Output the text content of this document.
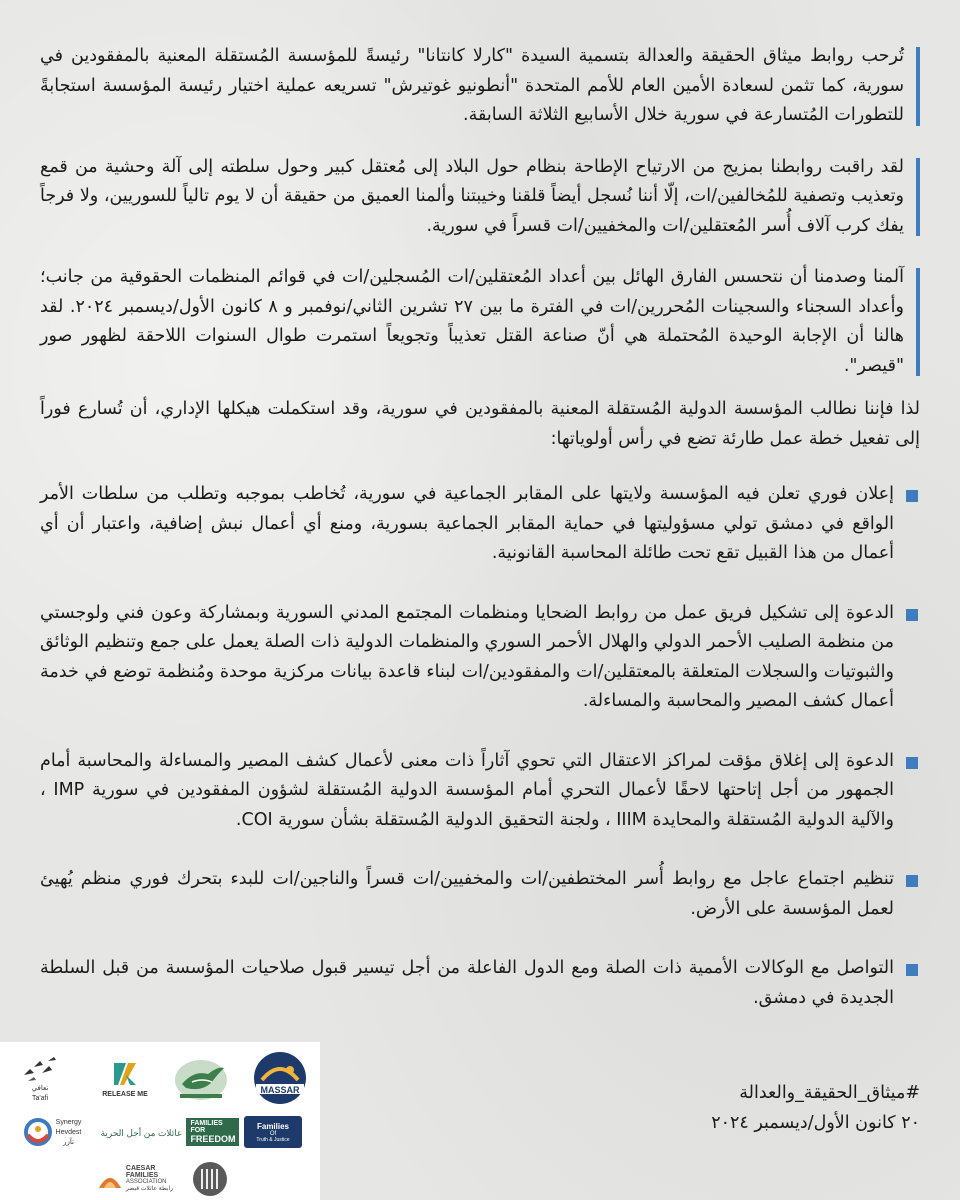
تُرحب روابط ميثاق الحقيقة والعدالة بتسمية السيدة "كارلا كانتانا" رئيسةً للمؤسسة المُستقلة المعنية بالمفقودين في سورية، كما تثمن لسعادة الأمين العام للأمم المتحدة "أنطونيو غوتيرش" تسريعه عملية اختيار رئيسة المؤسسة استجابةً للتطورات المُتسارعة في سورية خلال الأسابيع الثلاثة السابقة.

لقد راقبت روابطنا بمزيج من الارتياح الإطاحة بنظام حول البلاد إلى مُعتقل كبير وحول سلطته إلى آلة وحشية من قمع وتعذيب وتصفية للمُخالفين/ات، إلّا أننا نُسجل أيضاً قلقنا وخيبتنا وألمنا العميق من حقيقة أن لا يوم تالياً للسوريين، ولا فرجاً يفك كرب آلاف أُسر المُعتقلين/ات والمخفيين/ات قسراً في سورية.

آلمنا وصدمنا أن نتحسس الفارق الهائل بين أعداد المُعتقلين/ات المُسجلين/ات في قوائم المنظمات الحقوقية من جانب؛ وأعداد السجناء والسجينات المُحررين/ات في الفترة ما بين ٢٧ تشرين الثاني/نوفمبر و ٨ كانون الأول/ديسمبر ٢٠٢٤. لقد هالنا أن الإجابة الوحيدة المُحتملة هي أنّ صناعة القتل تعذيباً وتجويعاً استمرت طوال السنوات اللاحقة لظهور صور "قيصر".

لذا فإننا نطالب المؤسسة الدولية المُستقلة المعنية بالمفقودين في سورية، وقد استكملت هيكلها الإداري، أن تُسارع فوراً إلى تفعيل خطة عمل طارئة تضع في رأس أولوياتها:

إعلان فوري تعلن فيه المؤسسة ولايتها على المقابر الجماعية في سورية، تُخاطب بموجبه وتطلب من سلطات الأمر الواقع في دمشق تولي مسؤوليتها في حماية المقابر الجماعية بسورية، ومنع أي أعمال نبش إضافية، واعتبار أن أي أعمال من هذا القبيل تقع تحت طائلة المحاسبة القانونية.

الدعوة إلى تشكيل فريق عمل من روابط الضحايا ومنظمات المجتمع المدني السورية وبمشاركة وعون فني ولوجستي من منظمة الصليب الأحمر الدولي والهلال الأحمر السوري والمنظمات الدولية ذات الصلة يعمل على جمع وتنظيم الوثائق والثبوتيات والسجلات المتعلقة بالمعتقلين/ات والمفقودين/ات لبناء قاعدة بيانات مركزية موحدة ومُنظمة توضع في خدمة أعمال كشف المصير والمحاسبة والمساءلة.

الدعوة إلى إغلاق مؤقت لمراكز الاعتقال التي تحوي آثاراً ذات معنى لأعمال كشف المصير والمساءلة والمحاسبة أمام الجمهور من أجل إتاحتها لاحقًا لأعمال التحري أمام المؤسسة الدولية المُستقلة لشؤون المفقودين في سورية IMP ، والآلية الدولية المُستقلة والمحايدة IIIM ، ولجنة التحقيق الدولية المُستقلة بشأن سورية COI.

تنظيم اجتماع عاجل مع روابط أُسر المختطفين/ات والمخفيين/ات قسراً والناجين/ات للبدء بتحرك فوري منظم يُهيئ لعمل المؤسسة على الأرض.

التواصل مع الوكالات الأممية ذات الصلة ومع الدول الفاعلة من أجل تيسير قبول صلاحيات المؤسسة من قبل السلطة الجديدة في دمشق.

#ميثاق_الحقيقة_والعدالة
٢٠ كانون الأول/ديسمبر ٢٠٢٤
تعافي
Ta'afi
RELEASE ME	MASSAR
Synergy
Hevdest
تآزر
عائلات من أجل الحرية
FAMILIES FOR
FREEDOM
Families
Of
Truth & Justice
CAESAR
FAMILIES
ASSOCIATION
رابطة عائلات قيصر
